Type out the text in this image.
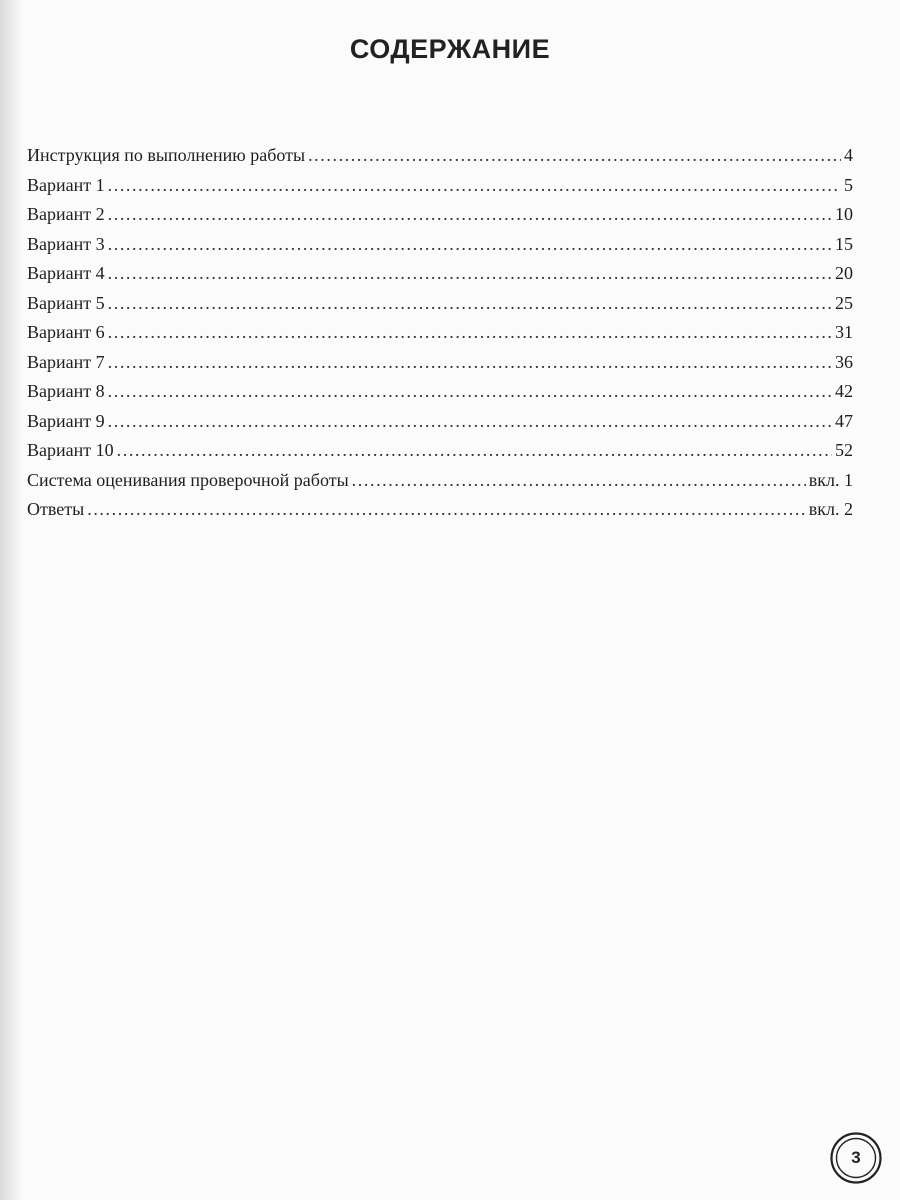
СОДЕРЖАНИЕ
Инструкция по выполнению работы .....	4
Вариант 1 .....	5
Вариант 2 .....	10
Вариант 3 .....	15
Вариант 4 .....	20
Вариант 5 .....	25
Вариант 6 .....	31
Вариант 7 .....	36
Вариант 8 .....	42
Вариант 9 .....	47
Вариант 10 .....	52
Система оценивания проверочной работы .....	вкл. 1
Ответы .....	вкл. 2
3
